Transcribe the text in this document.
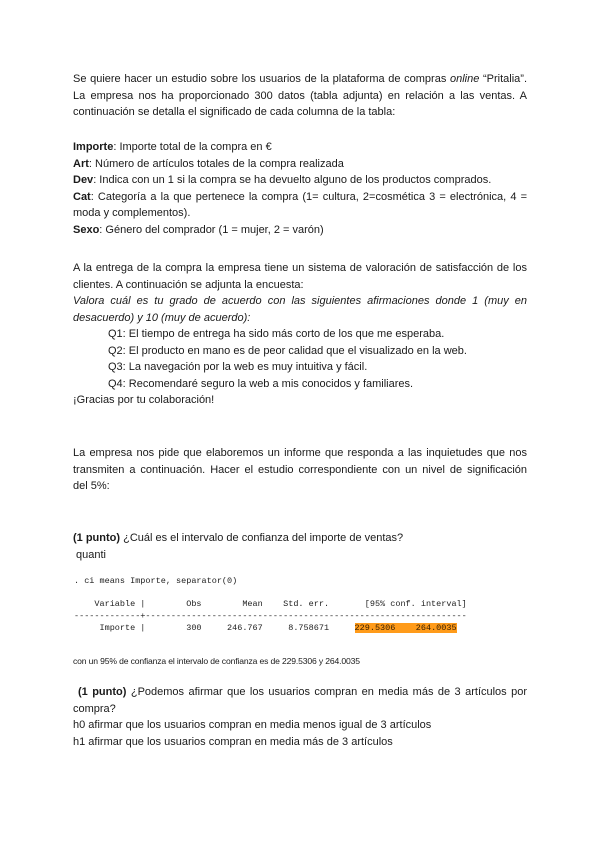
Se quiere hacer un estudio sobre los usuarios de la plataforma de compras online “Pritalia”.
La empresa nos ha proporcionado 300 datos (tabla adjunta) en relación a las ventas. A
continuación se detalla el significado de cada columna de la tabla:
Importe: Importe total de la compra en €
Art: Número de artículos totales de la compra realizada
Dev: Indica con un 1 si la compra se ha devuelto alguno de los productos comprados.
Cat: Categoría a la que pertenece la compra (1= cultura, 2=cosmética 3 = electrónica, 4 =
moda y complementos).
Sexo: Género del comprador (1 = mujer, 2 = varón)
A la entrega de la compra la empresa tiene un sistema de valoración de satisfacción de los
clientes. A continuación se adjunta la encuesta:
Valora cuál es tu grado de acuerdo con las siguientes afirmaciones donde 1 (muy en
desacuerdo) y 10 (muy de acuerdo):
Q1: El tiempo de entrega ha sido más corto de los que me esperaba.
Q2: El producto en mano es de peor calidad que el visualizado en la web.
Q3: La navegación por la web es muy intuitiva y fácil.
Q4: Recomendaré seguro la web a mis conocidos y familiares.
¡Gracias por tu colaboración!
La empresa nos pide que elaboremos un informe que responda a las inquietudes que nos
transmiten a continuación. Hacer el estudio correspondiente con un nivel de significación
del 5%:
(1 punto) ¿Cuál es el intervalo de confianza del importe de ventas?
quanti
. ci means Importe, separator(0)
Variable |        Obs        Mean    Std. err.       [95% conf. interval]
-------------+---------------------------------------------------------------
Importe |        300     246.767     8.758671     229.5306 264.0035
con un 95% de confianza el intervalo de confianza es de 229.5306 y 264.0035
(1 punto) ¿Podemos afirmar que los usuarios compran en media más de 3 artículos por
compra?
h0 afirmar que los usuarios compran en media menos igual de 3 artículos
h1 afirmar que los usuarios compran en media más de 3 artículos
